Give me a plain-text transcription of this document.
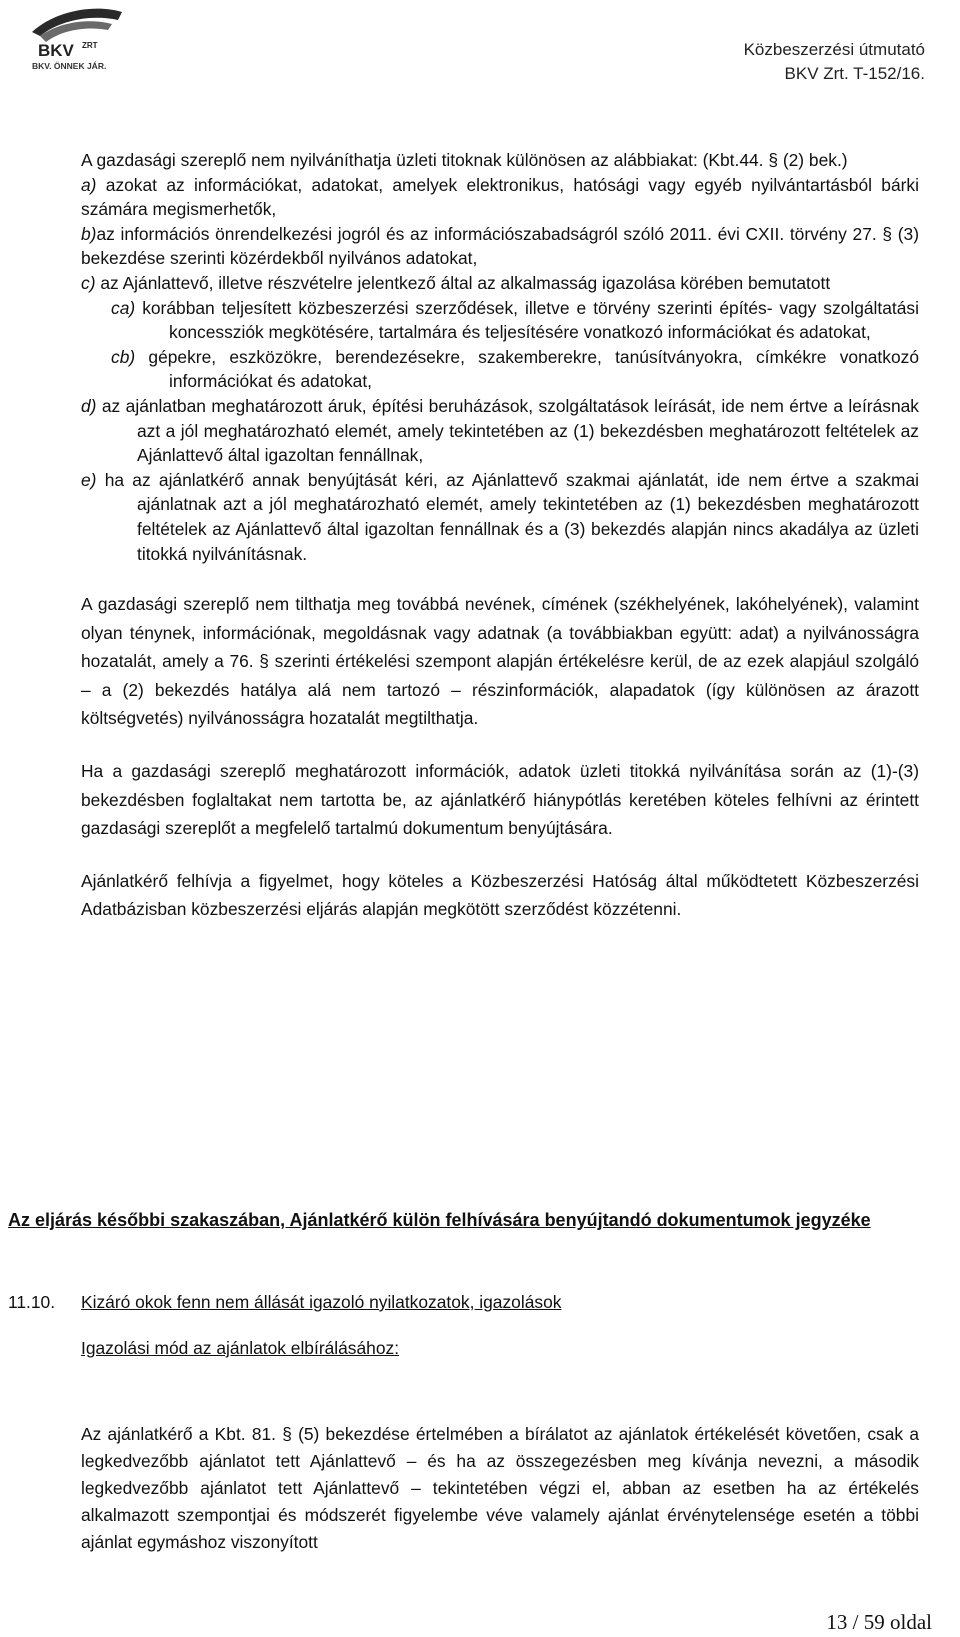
BKV ZRT
BKV. ÖNNEK JÁR.
Közbeszerzési útmutató
BKV Zrt. T-152/16.

A gazdasági szereplő nem nyilváníthatja üzleti titoknak különösen az alábbiakat: (Kbt.44. § (2) bek.)

a) azokat az információkat, adatokat, amelyek elektronikus, hatósági vagy egyéb nyilvántartásból bárki számára megismerhetők,

b)az információs önrendelkezési jogról és az információszabadságról szóló 2011. évi CXII. törvény 27. § (3) bekezdése szerinti közérdekből nyilvános adatokat,

c) az Ajánlattevő, illetve részvételre jelentkező által az alkalmasság igazolása körében bemutatott

ca) korábban teljesített közbeszerzési szerződések, illetve e törvény szerinti építés- vagy szolgáltatási koncessziók megkötésére, tartalmára és teljesítésére vonatkozó információkat és adatokat,

cb) gépekre, eszközökre, berendezésekre, szakemberekre, tanúsítványokra, címkékre vonatkozó információkat és adatokat,

d) az ajánlatban meghatározott áruk, építési beruházások, szolgáltatások leírását, ide nem értve a leírásnak azt a jól meghatározható elemét, amely tekintetében az (1) bekezdésben meghatározott feltételek az Ajánlattevő által igazoltan fennállnak,

e) ha az ajánlatkérő annak benyújtását kéri, az Ajánlattevő szakmai ajánlatát, ide nem értve a szakmai ajánlatnak azt a jól meghatározható elemét, amely tekintetében az (1) bekezdésben meghatározott feltételek az Ajánlattevő által igazoltan fennállnak és a (3) bekezdés alapján nincs akadálya az üzleti titokká nyilvánításnak.

A gazdasági szereplő nem tilthatja meg továbbá nevének, címének (székhelyének, lakóhelyének), valamint olyan ténynek, információnak, megoldásnak vagy adatnak (a továbbiakban együtt: adat) a nyilvánosságra hozatalát, amely a 76. § szerinti értékelési szempont alapján értékelésre kerül, de az ezek alapjául szolgáló – a (2) bekezdés hatálya alá nem tartozó – részinformációk, alapadatok (így különösen az árazott költségvetés) nyilvánosságra hozatalát megtilthatja.

Ha a gazdasági szereplő meghatározott információk, adatok üzleti titokká nyilvánítása során az (1)-(3) bekezdésben foglaltakat nem tartotta be, az ajánlatkérő hiánypótlás keretében köteles felhívni az érintett gazdasági szereplőt a megfelelő tartalmú dokumentum benyújtására.

Ajánlatkérő felhívja a figyelmet, hogy köteles a Közbeszerzési Hatóság által működtetett Közbeszerzési Adatbázisban közbeszerzési eljárás alapján megkötött szerződést közzétenni.

Az eljárás későbbi szakaszában, Ajánlatkérő külön felhívására benyújtandó dokumentumok jegyzéke
11.10. Kizáró okok fenn nem állását igazoló nyilatkozatok, igazolások
Igazolási mód az ajánlatok elbírálásához:

Az ajánlatkérő a Kbt. 81. § (5) bekezdése értelmében a bírálatot az ajánlatok értékelését követően, csak a legkedvezőbb ajánlatot tett Ajánlattevő – és ha az összegezésben meg kívánja nevezni, a második legkedvezőbb ajánlatot tett Ajánlattevő – tekintetében végzi el, abban az esetben ha az értékelés alkalmazott szempontjai és módszerét figyelembe véve valamely ajánlat érvénytelensége esetén a többi ajánlat egymáshoz viszonyított

13 / 59 oldal
